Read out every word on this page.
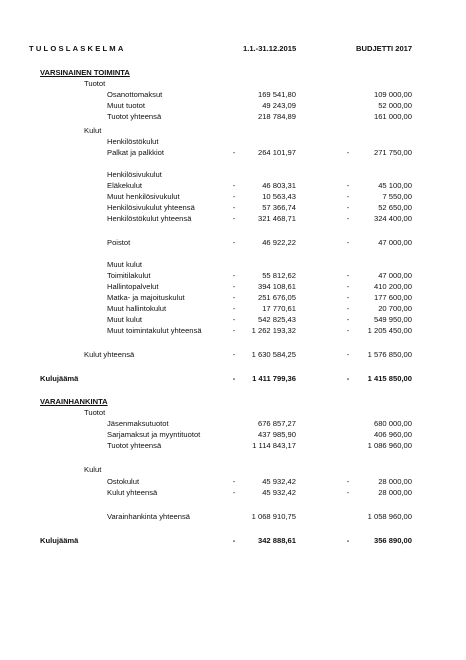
TULOSLASKELMA	1.1.-31.12.2015	BUDJETTI 2017
VARSINAINEN TOIMINTA
Tuotot
Osanottomaksut	169 541,80	109 000,00
Muut tuotot	49 243,09	52 000,00
Tuotot yhteensä	218 784,89	161 000,00
Kulut
Henkilöstökulut
Palkat ja palkkiot	-	264 101,97	-	271 750,00
Henkilösivukulut
Eläkekulut	-	46 803,31	-	45 100,00
Muut henkilösivukulut	-	10 563,43	-	7 550,00
Henkilösivukulut yhteensä	-	57 366,74	-	52 650,00
Henkilöstökulut yhteensä	-	321 468,71	-	324 400,00
Poistot	-	46 922,22	-	47 000,00
Muut kulut
Toimitilakulut	-	55 812,62	-	47 000,00
Hallintopalvelut	-	394 108,61	-	410 200,00
Matka- ja majoituskulut	-	251 676,05	-	177 600,00
Muut hallintokulut	-	17 770,61	-	20 700,00
Muut kulut	-	542 825,43	-	549 950,00
Muut toimintakulut yhteensä	-	1 262 193,32	-	1 205 450,00
Kulut yhteensä	-	1 630 584,25	-	1 576 850,00
Kulujäämä	-	1 411 799,36	-	1 415 850,00
VARAINHANKINTA
Tuotot
Jäsenmaksutuotot	676 857,27	680 000,00
Sarjamaksut ja myyntituotot	437 985,90	406 960,00
Tuotot yhteensä	1 114 843,17	1 086 960,00
Kulut
Ostokulut	-	45 932,42	-	28 000,00
Kulut yhteensä	-	45 932,42	-	28 000,00
Varainhankinta yhteensä	1 068 910,75	1 058 960,00
Kulujäämä	-	342 888,61	-	356 890,00
